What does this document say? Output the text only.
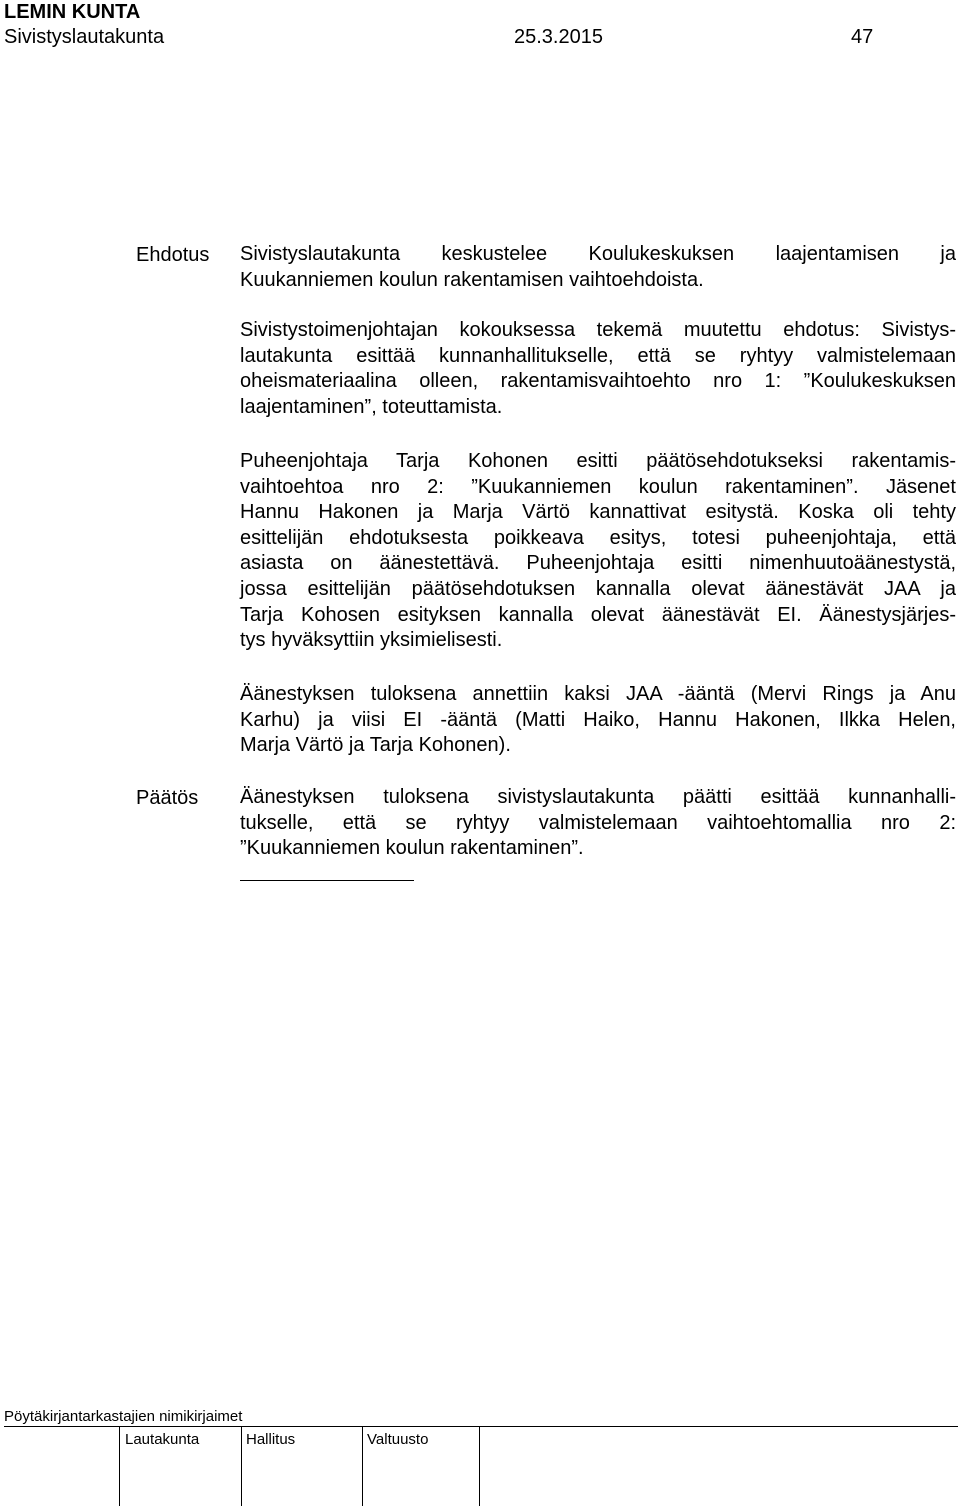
LEMIN KUNTA
Sivistyslautakunta	25.3.2015	47
Ehdotus Sivistyslautakunta keskustelee Koulukeskuksen laajentamisen ja
Kuukanniemen koulun rakentamisen vaihtoehdoista.
Sivistystoimenjohtajan kokouksessa tekemä muutettu ehdotus: Sivistys-
lautakunta esittää kunnanhallitukselle, että se ryhtyy valmistelemaan
oheismateriaalina olleen, rakentamisvaihtoehto nro 1: ”Koulukeskuksen
laajentaminen”, toteuttamista.
Puheenjohtaja Tarja Kohonen esitti päätösehdotukseksi rakentamis-
vaihtoehtoa nro 2: ”Kuukanniemen koulun rakentaminen”. Jäsenet
Hannu Hakonen ja Marja Värtö kannattivat esitystä. Koska oli tehty
esittelijän ehdotuksesta poikkeava esitys, totesi puheenjohtaja, että
asiasta on äänestettävä. Puheenjohtaja esitti nimenhuutoäänestystä,
jossa esittelijän päätösehdotuksen kannalla olevat äänestävät JAA ja
Tarja Kohosen esityksen kannalla olevat äänestävät EI. Äänestysjärjes-
tys hyväksyttiin yksimielisesti.
Äänestyksen tuloksena annettiin kaksi JAA -ääntä (Mervi Rings ja Anu
Karhu) ja viisi EI -ääntä (Matti Haiko, Hannu Hakonen, Ilkka Helen,
Marja Värtö ja Tarja Kohonen).
Päätös Äänestyksen tuloksena sivistyslautakunta päätti esittää kunnanhalli-
tukselle, että se ryhtyy valmistelemaan vaihtoehtomallia nro 2:
”Kuukanniemen koulun rakentaminen”.
Pöytäkirjantarkastajien nimikirjaimet
Lautakunta	Hallitus	Valtuusto
